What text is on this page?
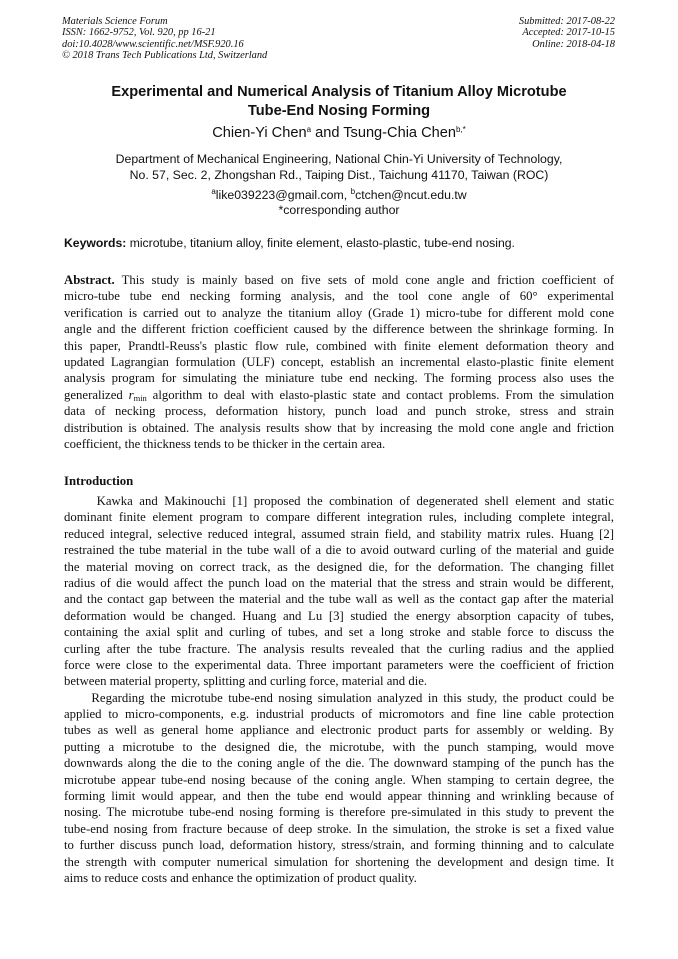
Materials Science Forum
ISSN: 1662-9752, Vol. 920, pp 16-21
doi:10.4028/www.scientific.net/MSF.920.16
© 2018 Trans Tech Publications Ltd, Switzerland
Submitted: 2017-08-22
Accepted: 2017-10-15
Online: 2018-04-18
Experimental and Numerical Analysis of Titanium Alloy Microtube
Tube-End Nosing Forming
Chien-Yi Chen$^a$ and Tsung-Chia Chen$^{b,*}$
Department of Mechanical Engineering, National Chin-Yi University of Technology,
No. 57, Sec. 2, Zhongshan Rd., Taiping Dist., Taichung 41170, Taiwan (ROC)
$^a$like039223@gmail.com, $^b$ctchen@ncut.edu.tw
*corresponding author
Keywords: microtube, titanium alloy, finite element, elasto-plastic, tube-end nosing.
Abstract. This study is mainly based on five sets of mold cone angle and friction coefficient of
micro-tube tube end necking forming analysis, and the tool cone angle of 60° experimental
verification is carried out to analyze the titanium alloy (Grade 1) micro-tube for different mold cone
angle and the different friction coefficient caused by the difference between the shrinkage forming. In
this paper, Prandtl-Reuss's plastic flow rule, combined with finite element deformation theory and
updated Lagrangian formulation (ULF) concept, establish an incremental elasto-plastic finite element
analysis program for simulating the miniature tube end necking. The forming process also uses the
generalized $r_{min}$ algorithm to deal with elasto-plastic state and contact problems. From the simulation
data of necking process, deformation history, punch load and punch stroke, stress and strain
distribution is obtained. The analysis results show that by increasing the mold cone angle and friction
coefficient, the thickness tends to be thicker in the certain area.
Introduction
Kawka and Makinouchi [1] proposed the combination of degenerated shell element and static
dominant finite element program to compare different integration rules, including complete integral,
reduced integral, selective reduced integral, assumed strain field, and stability matrix rules. Huang [2]
restrained the tube material in the tube wall of a die to avoid outward curling of the material and guide
the material moving on correct track, as the designed die, for the deformation. The changing fillet
radius of die would affect the punch load on the material that the stress and strain would be different,
and the contact gap between the material and the tube wall as well as the contact gap after the material
deformation would be changed. Huang and Lu [3] studied the energy absorption capacity of tubes,
containing the axial split and curling of tubes, and set a long stroke and stable force to discuss the
curling after the tube fracture. The analysis results revealed that the curling radius and the applied
force were close to the experimental data. Three important parameters were the coefficient of friction
between material property, splitting and curling force, material and die.
Regarding the microtube tube-end nosing simulation analyzed in this study, the product could be
applied to micro-components, e.g. industrial products of micromotors and fine line cable protection
tubes as well as general home appliance and electronic product parts for assembly or welding. By
putting a microtube to the designed die, the microtube, with the punch stamping, would move
downwards along the die to the coning angle of the die. The downward stamping of the punch has the
microtube appear tube-end nosing because of the coning angle. When stamping to certain degree, the
forming limit would appear, and then the tube end would appear thinning and wrinkling because of
nosing. The microtube tube-end nosing forming is therefore pre-simulated in this study to prevent the
tube-end nosing from fracture because of deep stroke. In the simulation, the stroke is set a fixed value
to further discuss punch load, deformation history, stress/strain, and forming thinning and to calculate
the strength with computer numerical simulation for shortening the development and design time. It
aims to reduce costs and enhance the optimization of product quality.
